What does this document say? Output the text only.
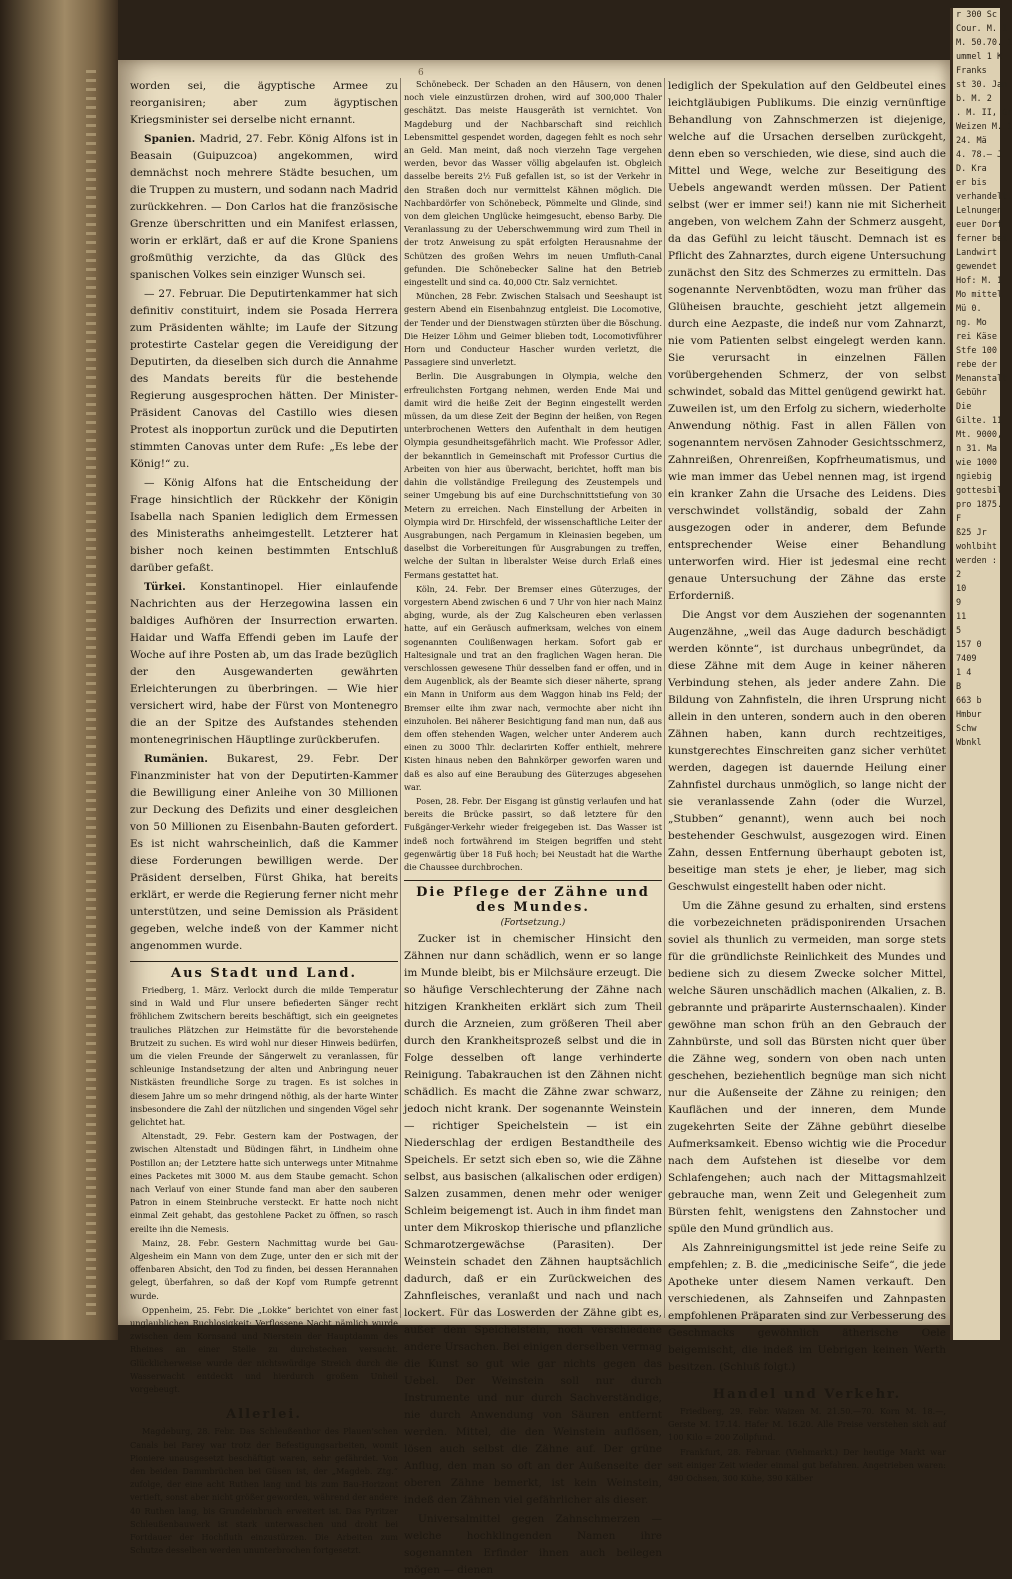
6

worden sei, die ägyptische Armee zu reorganisiren; aber zum ägyptischen Kriegsminister sei derselbe nicht ernannt.

Spanien. Madrid, 27. Febr. König Alfons ist in Beasain (Guipuzcoa) angekommen, wird demnächst noch mehrere Städte besuchen, um die Truppen zu mustern, und sodann nach Madrid zurückkehren. — Don Carlos hat die französische Grenze überschritten und ein Manifest erlassen, worin er erklärt, daß er auf die Krone Spaniens großmüthig verzichte, da das Glück des spanischen Volkes sein einziger Wunsch sei.

— 27. Februar. Die Deputirtenkammer hat sich definitiv constituirt, indem sie Posada Herrera zum Präsidenten wählte; im Laufe der Sitzung protestirte Castelar gegen die Vereidigung der Deputirten, da dieselben sich durch die Annahme des Mandats bereits für die bestehende Regierung ausgesprochen hätten. Der Minister-Präsident Canovas del Castillo wies diesen Protest als inopportun zurück und die Deputirten stimmten Canovas unter dem Rufe: „Es lebe der König!“ zu.

— König Alfons hat die Entscheidung der Frage hinsichtlich der Rückkehr der Königin Isabella nach Spanien lediglich dem Ermessen des Ministeraths anheimgestellt. Letzterer hat bisher noch keinen bestimmten Entschluß darüber gefaßt.

Türkei. Konstantinopel. Hier einlaufende Nachrichten aus der Herzegowina lassen ein baldiges Aufhören der Insurrection erwarten. Haidar und Waffa Effendi geben im Laufe der Woche auf ihre Posten ab, um das Irade bezüglich der den Ausgewanderten gewährten Erleichterungen zu überbringen. — Wie hier versichert wird, habe der Fürst von Montenegro die an der Spitze des Aufstandes stehenden montenegrinischen Häuptlinge zurückberufen.

Rumänien. Bukarest, 29. Febr. Der Finanzminister hat von der Deputirten-Kammer die Bewilligung einer Anleihe von 30 Millionen zur Deckung des Defizits und einer desgleichen von 50 Millionen zu Eisenbahn-Bauten gefordert. Es ist nicht wahrscheinlich, daß die Kammer diese Forderungen bewilligen werde. Der Präsident derselben, Fürst Ghika, hat bereits erklärt, er werde die Regierung ferner nicht mehr unterstützen, und seine Demission als Präsident gegeben, welche indeß von der Kammer nicht angenommen wurde.

Aus Stadt und Land.

Friedberg, 1. März. Verlockt durch die milde Temperatur sind in Wald und Flur unsere befiederten Sänger recht fröhlichem Zwitschern bereits beschäftigt, sich ein geeignetes trauliches Plätzchen zur Heimstätte für die bevorstehende Brutzeit zu suchen. Es wird wohl nur dieser Hinweis bedürfen, um die vielen Freunde der Sängerwelt zu veranlassen, für schleunige Instandsetzung der alten und Anbringung neuer Nistkästen freundliche Sorge zu tragen. Es ist solches in diesem Jahre um so mehr dringend nöthig, als der harte Winter insbesondere die Zahl der nützlichen und singenden Vögel sehr gelichtet hat.

Altenstadt, 29. Febr. Gestern kam der Postwagen, der zwischen Altenstadt und Büdingen fährt, in Lindheim ohne Postillon an; der Letztere hatte sich unterwegs unter Mitnahme eines Packetes mit 3000 M. aus dem Staube gemacht. Schon nach Verlauf von einer Stunde fand man aber den sauberen Patron in einem Steinbruche versteckt. Er hatte noch nicht einmal Zeit gehabt, das gestohlene Packet zu öffnen, so rasch ereilte ihn die Nemesis.

Mainz, 28. Febr. Gestern Nachmittag wurde bei Gau-Algesheim ein Mann von dem Zuge, unter den er sich mit der offenbaren Absicht, den Tod zu finden, bei dessen Herannahen gelegt, überfahren, so daß der Kopf vom Rumpfe getrennt wurde.

Oppenheim, 25. Febr. Die „Lokke“ berichtet von einer fast unglaublichen Ruchlosigkeit: Verflossene Nacht nämlich wurde zwischen dem Kornsand und Nierstein der Hauptdamm des Rheines an einer Stelle zu durchstechen versucht. Glücklicherweise wurde der nichtswürdige Streich durch die Wasserwacht entdeckt und hierdurch großem Unheil vorgebeugt.

Allerlei.

Magdeburg, 28. Febr. Das Schleußenthor des Plauen'schen Canals bei Parey war trotz der Befestigungsarbeiten, womit Pioniere unausgesetzt beschäftigt waren, sehr gefährdet. Von den beiden Dammbrüchen bei Güsen ist, der „Magdeb. Ztg.“ zufolge, der eine acht Ruthen lang und bis zum Bau-Horizont vertieft, sonst aber nicht größer geworden, während der andere 40 Ruthen lang, bis Grundeinbruch erweitert ist. Das Pyritzer Schleußenbauwerk ist stark unterwaschen und droht bei Fortdauer der Hochfluth einzustürzen. Die Arbeiten zum Schutze desselben werden ununterbrochen fortgesetzt.

Schönebeck. Der Schaden an den Häusern, von denen noch viele einzustürzen drohen, wird auf 300,000 Thaler geschätzt. Das meiste Hausgeräth ist vernichtet. Von Magdeburg und der Nachbarschaft sind reichlich Lebensmittel gespendet worden, dagegen fehlt es noch sehr an Geld. Man meint, daß noch vierzehn Tage vergehen werden, bevor das Wasser völlig abgelaufen ist. Obgleich dasselbe bereits 2½ Fuß gefallen ist, so ist der Verkehr in den Straßen doch nur vermittelst Kähnen möglich. Die Nachbardörfer von Schönebeck, Pömmelte und Glinde, sind von dem gleichen Unglücke heimgesucht, ebenso Barby. Die Veranlassung zu der Ueberschwemmung wird zum Theil in der trotz Anweisung zu spät erfolgten Herausnahme der Schützen des großen Wehrs im neuen Umfluth-Canal gefunden. Die Schönebecker Saline hat den Betrieb eingestellt und sind ca. 40,000 Ctr. Salz vernichtet.

München, 28 Febr. Zwischen Stalsach und Seeshaupt ist gestern Abend ein Eisenbahnzug entgleist. Die Locomotive, der Tender und der Dienstwagen stürzten über die Böschung. Die Heizer Löhm und Geimer blieben todt, Locomotivführer Horn und Conducteur Hascher wurden verletzt, die Passagiere sind unverletzt.

Berlin. Die Ausgrabungen in Olympia, welche den erfreulichsten Fortgang nehmen, werden Ende Mai und damit wird die heiße Zeit der Beginn eingestellt werden müssen, da um diese Zeit der Beginn der heißen, von Regen unterbrochenen Wetters den Aufenthalt in dem heutigen Olympia gesundheitsgefährlich macht. Wie Professor Adler, der bekanntlich in Gemeinschaft mit Professor Curtius die Arbeiten von hier aus überwacht, berichtet, hofft man bis dahin die vollständige Freilegung des Zeustempels und seiner Umgebung bis auf eine Durchschnittstiefung von 30 Metern zu erreichen. Nach Einstellung der Arbeiten in Olympia wird Dr. Hirschfeld, der wissenschaftliche Leiter der Ausgrabungen, nach Pergamum in Kleinasien begeben, um daselbst die Vorbereitungen für Ausgrabungen zu treffen, welche der Sultan in liberalster Weise durch Erlaß eines Fermans gestattet hat.

Köln, 24. Febr. Der Bremser eines Güterzuges, der vorgestern Abend zwischen 6 und 7 Uhr von hier nach Mainz abging, wurde, als der Zug Kalscheuren eben verlassen hatte, auf ein Geräusch aufmerksam, welches von einem sogenannten Coulißenwagen herkam. Sofort gab er Haltesignale und trat an den fraglichen Wagen heran. Die verschlossen gewesene Thür desselben fand er offen, und in dem Augenblick, als der Beamte sich dieser näherte, sprang ein Mann in Uniform aus dem Waggon hinab ins Feld; der Bremser eilte ihm zwar nach, vermochte aber nicht ihn einzuholen. Bei näherer Besichtigung fand man nun, daß aus dem offen stehenden Wagen, welcher unter Anderem auch einen zu 3000 Thlr. declarirten Koffer enthielt, mehrere Kisten hinaus neben den Bahnkörper geworfen waren und daß es also auf eine Beraubung des Güterzuges abgesehen war.

Posen, 28. Febr. Der Eisgang ist günstig verlaufen und hat bereits die Brücke passirt, so daß letztere für den Fußgänger-Verkehr wieder freigegeben ist. Das Wasser ist indeß noch fortwährend im Steigen begriffen und steht gegenwärtig über 18 Fuß hoch; bei Neustadt hat die Warthe die Chaussee durchbrochen.

Die Pflege der Zähne und des Mundes.
(Fortsetzung.)

Zucker ist in chemischer Hinsicht den Zähnen nur dann schädlich, wenn er so lange im Munde bleibt, bis er Milchsäure erzeugt. Die so häufige Verschlechterung der Zähne nach hitzigen Krankheiten erklärt sich zum Theil durch die Arzneien, zum größeren Theil aber durch den Krankheitsprozeß selbst und die in Folge desselben oft lange verhinderte Reinigung. Tabakrauchen ist den Zähnen nicht schädlich. Es macht die Zähne zwar schwarz, jedoch nicht krank. Der sogenannte Weinstein — richtiger Speichelstein — ist ein Niederschlag der erdigen Bestandtheile des Speichels. Er setzt sich eben so, wie die Zähne selbst, aus basischen (alkalischen oder erdigen) Salzen zusammen, denen mehr oder weniger Schleim beigemengt ist. Auch in ihm findet man unter dem Mikroskop thierische und pflanzliche Schmarotzergewächse (Parasiten). Der Weinstein schadet den Zähnen hauptsächlich dadurch, daß er ein Zurückweichen des Zahnfleisches, veranlaßt und nach und nach lockert. Für das Loswerden der Zähne gibt es, außer dem Speichelstein, noch verschiedene andere Ursachen. Bei einigen derselben vermag die Kunst so gut wie gar nichts gegen das Uebel. Der Weinstein soll nur durch Instrumente und nur durch Sachverständige, nie durch Anwendung von Säuren entfernt werden. Mittel, die den Weinstein auflösen, lösen auch selbst die Zähne auf. Der grüne Anflug, den man so oft an der Außenseite der oberen Zähne bemerkt, ist kein Weinstein, indeß den Zähnen viel gefährlicher als dieser.

Universalmittel gegen Zahnschmerzen — welche hochklingenden Namen ihre sogenannten Erfinder ihnen auch beilegen mögen — dienen

lediglich der Spekulation auf den Geldbeutel eines leichtgläubigen Publikums. Die einzig vernünftige Behandlung von Zahnschmerzen ist diejenige, welche auf die Ursachen derselben zurückgeht, denn eben so verschieden, wie diese, sind auch die Mittel und Wege, welche zur Beseitigung des Uebels angewandt werden müssen. Der Patient selbst (wer er immer sei!) kann nie mit Sicherheit angeben, von welchem Zahn der Schmerz ausgeht, da das Gefühl zu leicht täuscht. Demnach ist es Pflicht des Zahnarztes, durch eigene Untersuchung zunächst den Sitz des Schmerzes zu ermitteln. Das sogenannte Nervenbtödten, wozu man früher das Glüheisen brauchte, geschieht jetzt allgemein durch eine Aezpaste, die indeß nur vom Zahnarzt, nie vom Patienten selbst eingelegt werden kann. Sie verursacht in einzelnen Fällen vorübergehenden Schmerz, der von selbst schwindet, sobald das Mittel genügend gewirkt hat. Zuweilen ist, um den Erfolg zu sichern, wiederholte Anwendung nöthig. Fast in allen Fällen von sogenanntem nervösen Zahnoder Gesichtsschmerz, Zahnreißen, Ohrenreißen, Kopfrheumatismus, und wie man immer das Uebel nennen mag, ist irgend ein kranker Zahn die Ursache des Leidens. Dies verschwindet vollständig, sobald der Zahn ausgezogen oder in anderer, dem Befunde entsprechender Weise einer Behandlung unterworfen wird. Hier ist jedesmal eine recht genaue Untersuchung der Zähne das erste Erforderniß.

Die Angst vor dem Ausziehen der sogenannten Augenzähne, „weil das Auge dadurch beschädigt werden könnte“, ist durchaus unbegründet, da diese Zähne mit dem Auge in keiner näheren Verbindung stehen, als jeder andere Zahn. Die Bildung von Zahnfisteln, die ihren Ursprung nicht allein in den unteren, sondern auch in den oberen Zähnen haben, kann durch rechtzeitiges, kunstgerechtes Einschreiten ganz sicher verhütet werden, dagegen ist dauernde Heilung einer Zahnfistel durchaus unmöglich, so lange nicht der sie veranlassende Zahn (oder die Wurzel, „Stubben“ genannt), wenn auch bei noch bestehender Geschwulst, ausgezogen wird. Einen Zahn, dessen Entfernung überhaupt geboten ist, beseitige man stets je eher, je lieber, mag sich Geschwulst eingestellt haben oder nicht.

Um die Zähne gesund zu erhalten, sind erstens die vorbezeichneten prädisponirenden Ursachen soviel als thunlich zu vermeiden, man sorge stets für die gründlichste Reinlichkeit des Mundes und bediene sich zu diesem Zwecke solcher Mittel, welche Säuren unschädlich machen (Alkalien, z. B. gebrannte und präparirte Austernschaalen). Kinder gewöhne man schon früh an den Gebrauch der Zahnbürste, und soll das Bürsten nicht quer über die Zähne weg, sondern von oben nach unten geschehen, beziehentlich begnüge man sich nicht nur die Außenseite der Zähne zu reinigen; den Kauflächen und der inneren, dem Munde zugekehrten Seite der Zähne gebührt dieselbe Aufmerksamkeit. Ebenso wichtig wie die Procedur nach dem Aufstehen ist dieselbe vor dem Schlafengehen; auch nach der Mittagsmahlzeit gebrauche man, wenn Zeit und Gelegenheit zum Bürsten fehlt, wenigstens den Zahnstocher und spüle den Mund gründlich aus.

Als Zahnreinigungsmittel ist jede reine Seife zu empfehlen; z. B. die „medicinische Seife“, die jede Apotheke unter diesem Namen verkauft. Den verschiedenen, als Zahnseifen und Zahnpasten empfohlenen Präparaten sind zur Verbesserung des Geschmacks gewöhnlich ätherische Oele beigemischt, die indeß im Uebrigen keinen Werth besitzen. (Schluß folgt.)

Handel und Verkehr.

Friedberg, 29. Febr. Waizen M. 21.50.—70. Korn M. 18.—, Gerste M. 17.14. Hafer M. 16.20. Alle Preise verstehen sich auf 100 Kilo = 200 Zollpfund.

Frankfurt, 28. Februar. (Viehmarkt.) Der heutige Markt war seit einiger Zeit wieder einmal gut befahren. Angetrieben waren: 490 Ochsen, 300 Kühe, 390 Kälber

r 300 Sc
Cour. M. 1
M. 50.70. 1
ummel 1 K
Franks
st 30. Jan
b. M. 2
. M. II, Gr
Weizen M. 1
24. Mä
4. 78.— J
D. Kra
er bis
verhandelt.
Lelnungen
euer Dorf
ferner bei
Landwirt
gewendet
Hof: M. 1
Mo mittel
Mü 0.
ng. Mo
rei Käse
Stfe 100
rebe der
Menanstalt
Gebühr
Die
Gilte. 11
Mt. 9000,
n 31. Ma
wie 1000
ngiebig
gottesbil
pro 1875.
F
ß25 Jr
wohlbiht
werden :
2
10
9
11
5
157 0
7409
1 4
B
663 b
Hmbur
Schw
Wbnkl
